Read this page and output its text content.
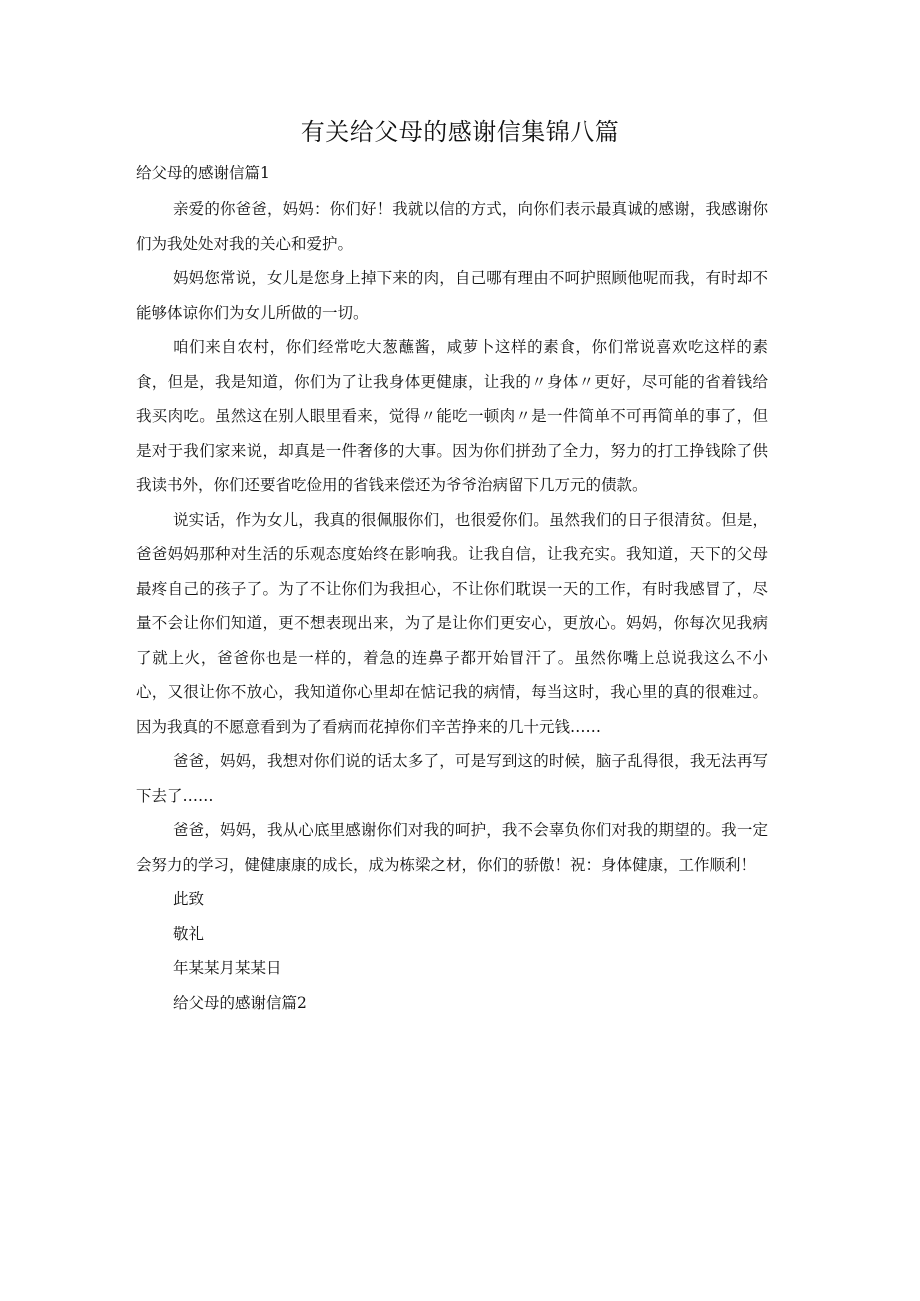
有关给父母的感谢信集锦八篇
给父母的感谢信篇1

亲爱的你爸爸，妈妈：你们好！我就以信的方式，向你们表示最真诚的感谢，我感谢你们为我处处对我的关心和爱护。

妈妈您常说，女儿是您身上掉下来的肉，自己哪有理由不呵护照顾他呢而我，有时却不能够体谅你们为女儿所做的一切。

咱们来自农村，你们经常吃大葱蘸酱，咸萝卜这样的素食，你们常说喜欢吃这样的素食，但是，我是知道，你们为了让我身体更健康，让我的〃身体〃更好，尽可能的省着钱给我买肉吃。虽然这在别人眼里看来，觉得〃能吃一顿肉〃是一件简单不可再简单的事了，但是对于我们家来说，却真是一件奢侈的大事。因为你们拼劲了全力，努力的打工挣钱除了供我读书外，你们还要省吃俭用的省钱来偿还为爷爷治病留下几万元的债款。

说实话，作为女儿，我真的很佩服你们，也很爱你们。虽然我们的日子很清贫。但是，爸爸妈妈那种对生活的乐观态度始终在影响我。让我自信，让我充实。我知道，天下的父母最疼自己的孩子了。为了不让你们为我担心，不让你们耽误一天的工作，有时我感冒了，尽量不会让你们知道，更不想表现出来，为了是让你们更安心，更放心。妈妈，你每次见我病了就上火，爸爸你也是一样的，着急的连鼻子都开始冒汗了。虽然你嘴上总说我这么不小心，又很让你不放心，我知道你心里却在惦记我的病情，每当这时，我心里的真的很难过。因为我真的不愿意看到为了看病而花掉你们辛苦挣来的几十元钱……

爸爸，妈妈，我想对你们说的话太多了，可是写到这的时候，脑子乱得很，我无法再写下去了……

爸爸，妈妈，我从心底里感谢你们对我的呵护，我不会辜负你们对我的期望的。我一定会努力的学习，健健康康的成长，成为栋梁之材，你们的骄傲！祝：身体健康，工作顺利！

此致

敬礼

年某某月某某日

给父母的感谢信篇2
